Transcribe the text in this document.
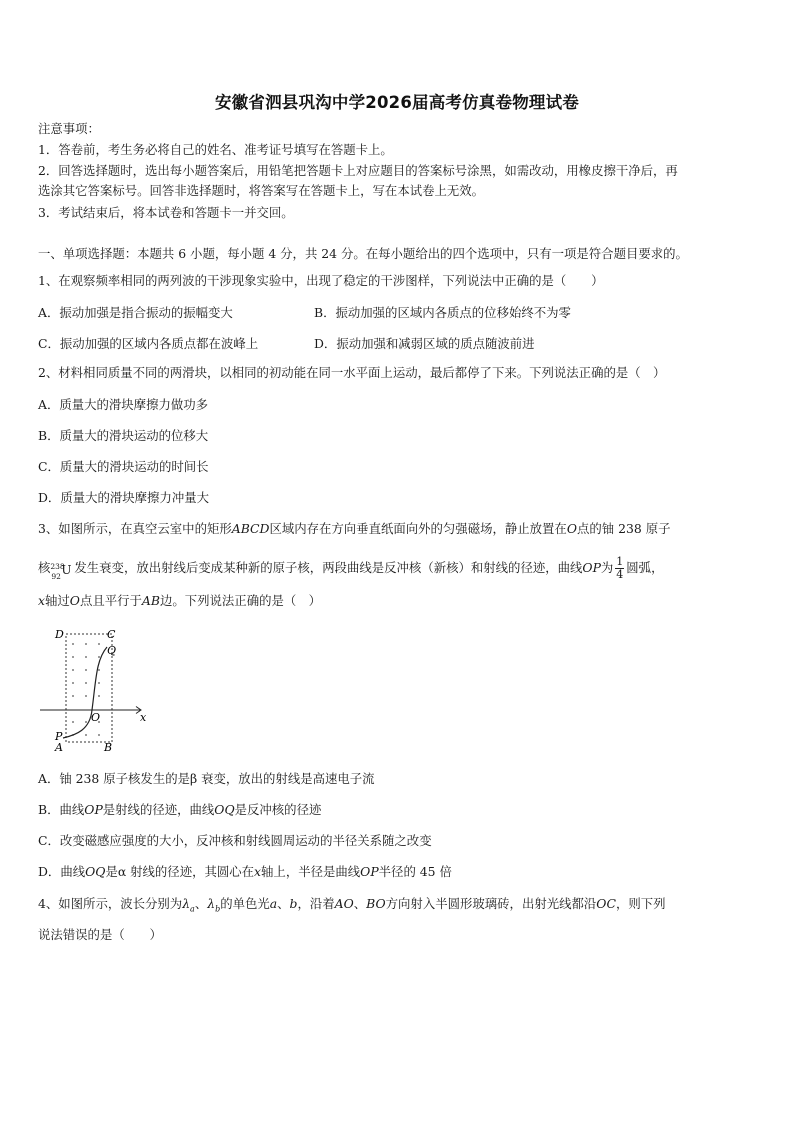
安徽省泗县巩沟中学2026届高考仿真卷物理试卷
注意事项：
1．答卷前，考生务必将自己的姓名、准考证号填写在答题卡上。
2．回答选择题时，选出每小题答案后，用铅笔把答题卡上对应题目的答案标号涂黑，如需改动，用橡皮擦干净后，再
选涂其它答案标号。回答非选择题时，将答案写在答题卡上，写在本试卷上无效。
3．考试结束后，将本试卷和答题卡一并交回。
一、单项选择题：本题共 6 小题，每小题 4 分，共 24 分。在每小题给出的四个选项中，只有一项是符合题目要求的。
1、在观察频率相同的两列波的干涉现象实验中，出现了稳定的干涉图样，下列说法中正确的是（　　）
A．振动加强是指合振动的振幅变大	B．振动加强的区域内各质点的位移始终不为零
C．振动加强的区域内各质点都在波峰上	D．振动加强和减弱区域的质点随波前进
2、材料相同质量不同的两滑块，以相同的初动能在同一水平面上运动，最后都停了下来。下列说法正确的是（　）
A．质量大的滑块摩擦力做功多
B．质量大的滑块运动的位移大
C．质量大的滑块运动的时间长
D．质量大的滑块摩擦力冲量大
3、如图所示，在真空云室中的矩形ABCD区域内存在方向垂直纸面向外的匀强磁场，静止放置在O点的铀 238 原子
核 238
92 U 发生衰变，放出射线后变成某种新的原子核，两段曲线是反冲核（新核）和射线的径迹，曲线OP为 $\frac{1}{4}$ 圆弧，
x轴过O点且平行于AB边。下列说法正确的是（　）
D	C
Q
O	x
P
A	B
A．铀 238 原子核发生的是β 衰变，放出的射线是高速电子流
B．曲线OP是射线的径迹，曲线OQ是反冲核的径迹
C．改变磁感应强度的大小，反冲核和射线圆周运动的半径关系随之改变
D．曲线OQ是α 射线的径迹，其圆心在x轴上，半径是曲线OP半径的 45 倍
4、如图所示，波长分别为$\lambda_a$、$\lambda_b$的单色光a、b，沿着AO、BO方向射入半圆形玻璃砖，出射光线都沿OC，则下列
说法错误的是（　　）
